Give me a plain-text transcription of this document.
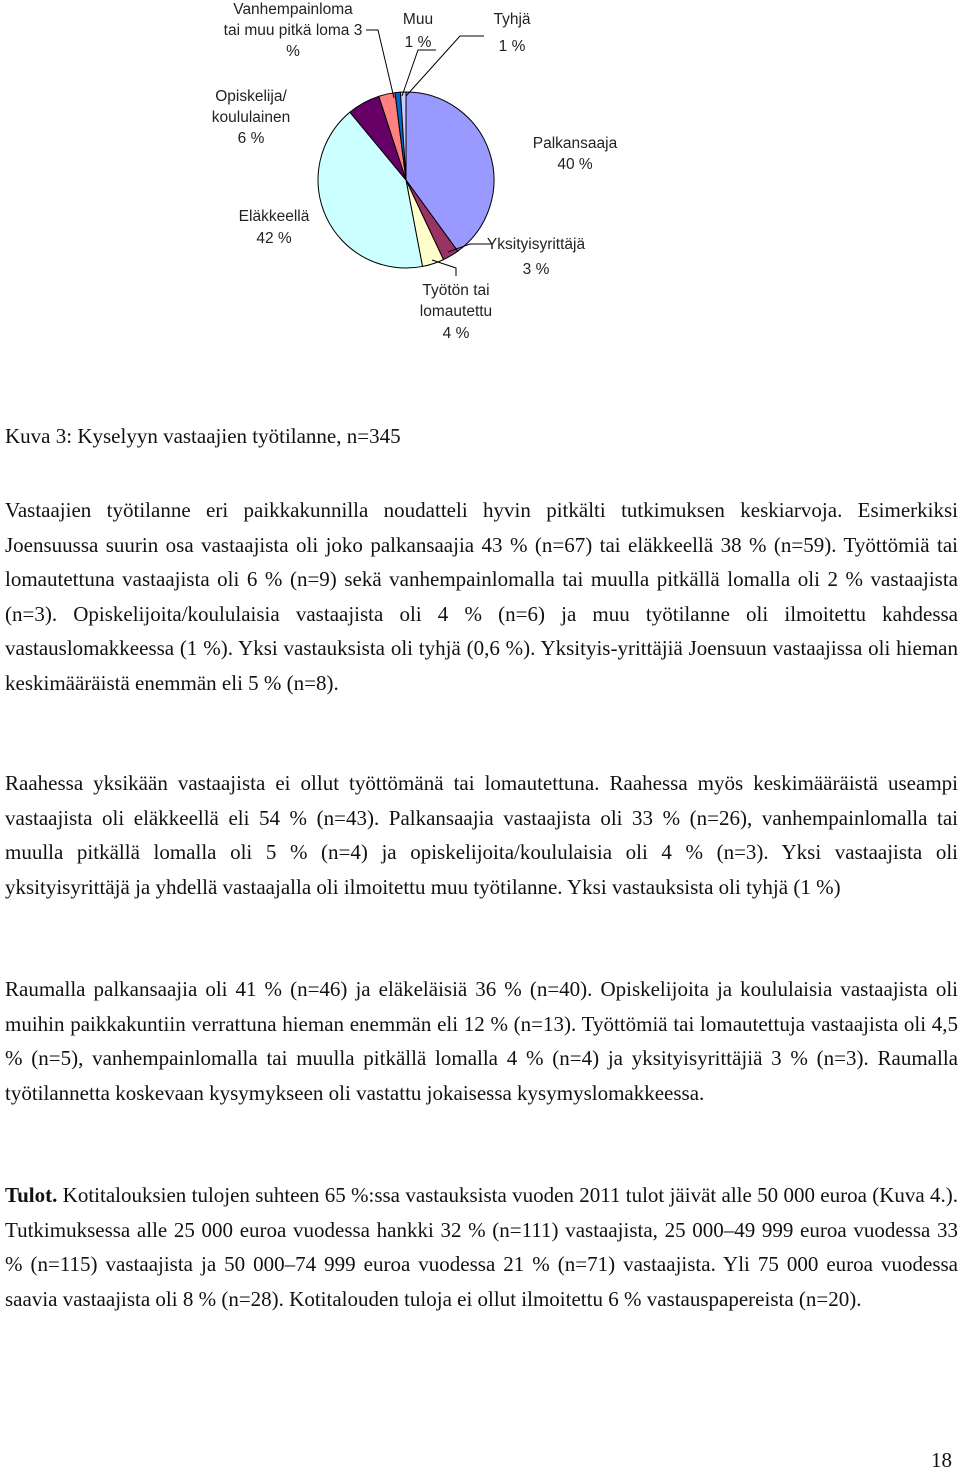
Vanhempainloma
tai muu pitkä loma 3
%
Muu
1 %
Tyhjä
1 %
Opiskelija/
koululainen
6 %	Palkansaaja
40 %
Eläkkeellä
42 %	Yksityisyrittäjä
3 %
Työtön tai
lomautettu
4 %
Kuva 3: Kyselyyn vastaajien työtilanne, n=345

Vastaajien työtilanne eri paikkakunnilla noudatteli hyvin pitkälti tutkimuksen keskiarvoja. Esimerkiksi Joensuussa suurin osa vastaajista oli joko palkansaajia 43 % (n=67) tai eläkkeellä 38 % (n=59). Työttömiä tai lomautettuna vastaajista oli 6 % (n=9) sekä vanhempainlomalla tai muulla pitkällä lomalla oli 2 % vastaajista (n=3). Opiskelijoita/koululaisia vastaajista oli 4 % (n=6) ja muu työtilanne oli ilmoitettu kahdessa vastauslomakkeessa (1 %). Yksi vastauksista oli tyhjä (0,6 %). Yksityis-yrittäjiä Joensuun vastaajissa oli hieman keskimääräistä enemmän eli 5 % (n=8).

Raahessa yksikään vastaajista ei ollut työttömänä tai lomautettuna. Raahessa myös keskimääräistä useampi vastaajista oli eläkkeellä eli 54 % (n=43). Palkansaajia vastaajista oli 33 % (n=26), vanhempainlomalla tai muulla pitkällä lomalla oli 5 % (n=4) ja opiskelijoita/koululaisia oli 4 % (n=3). Yksi vastaajista oli yksityisyrittäjä ja yhdellä vastaajalla oli ilmoitettu muu työtilanne. Yksi vastauksista oli tyhjä (1 %)

Raumalla palkansaajia oli 41 % (n=46) ja eläkeläisiä 36 % (n=40). Opiskelijoita ja koululaisia vastaajista oli muihin paikkakuntiin verrattuna hieman enemmän eli 12 % (n=13). Työttömiä tai lomautettuja vastaajista oli 4,5 % (n=5), vanhempainlomalla tai muulla pitkällä lomalla 4 % (n=4) ja yksityisyrittäjiä 3 % (n=3). Raumalla työtilannetta koskevaan kysymykseen oli vastattu jokaisessa kysymyslomakkeessa.

Tulot. Kotitalouksien tulojen suhteen 65 %:ssa vastauksista vuoden 2011 tulot jäivät alle 50 000 euroa (Kuva 4.). Tutkimuksessa alle 25 000 euroa vuodessa hankki 32 % (n=111) vastaajista, 25 000–49 999 euroa vuodessa 33 % (n=115) vastaajista ja 50 000–74 999 euroa vuodessa 21 % (n=71) vastaajista. Yli 75 000 euroa vuodessa saavia vastaajista oli 8 % (n=28). Kotitalouden tuloja ei ollut ilmoitettu 6 % vastauspapereista (n=20).

18
